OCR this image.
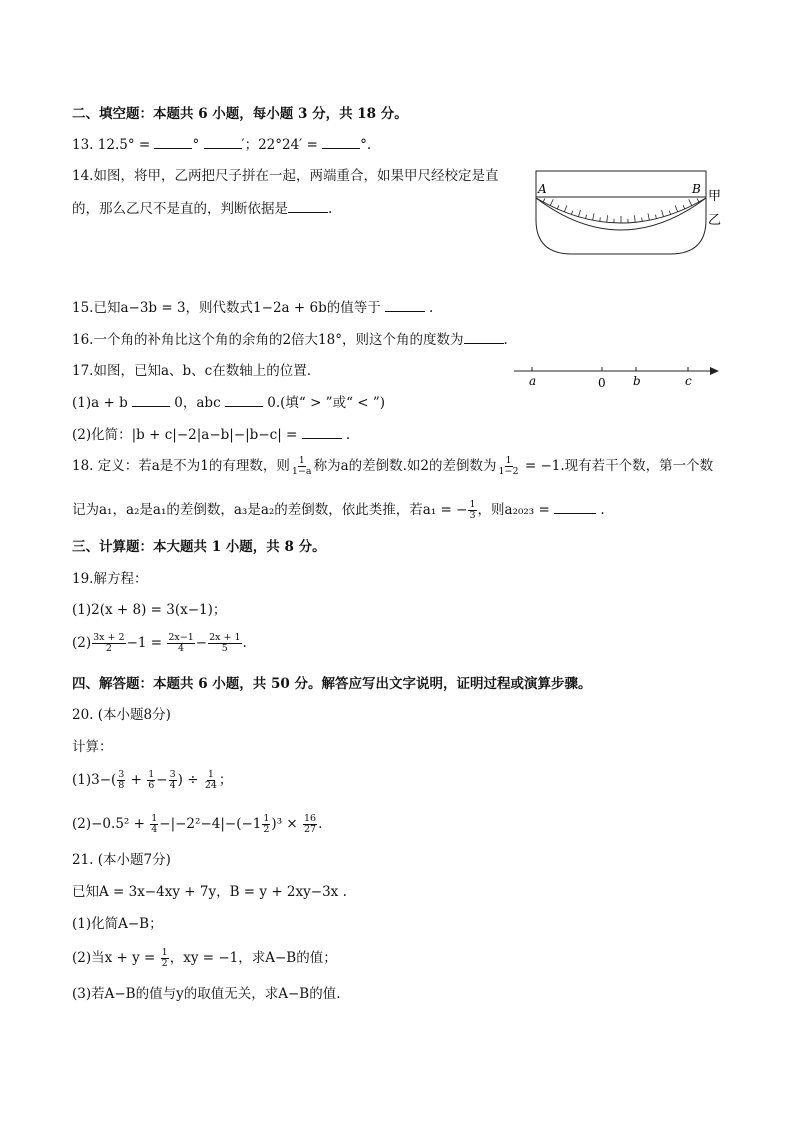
二、填空题：本题共 6 小题，每小题 3 分，共 18 分。
13. 12.5° =	°	′；22°24′ =	°.
14.如图，将甲，乙两把尺子拼在一起，两端重合，如果甲尺经校定是直
的，那么乙尺不是直的，判断依据是	.
A	B 甲
乙
15.已知a−3b = 3，则代数式1−2a + 6b的值等于	.
16.一个角的补角比这个角的余角的2倍大18°，则这个角的度数为	.
17.如图，已知a、b、c在数轴上的位置.
a	0 b	c
(1)a + b	0，abc	0.(填“ > ”或“ < ”)
(2)化简：|b + c|−2|a−b|−|b−c| =	.
18. 定义：若a是不为1的有理数，则 $\frac{1}{1-a}$ 称为a的差倒数.如2的差倒数为 $\frac{1}{1-2} = -1$.现有若干个数，第一个数
记为a₁，a₂是a₁的差倒数，a₃是a₂的差倒数，依此类推，若a₁ = − $\frac{1}{3}$ ，则a₂₀₂₃ =	.
三、计算题：本大题共 1 小题，共 8 分。
19.解方程：
(1)2(x + 8) = 3(x−1)；
$(2) \frac{3x + 2}{2} -1 = \frac{2x-1}{4} - \frac{2x + 1}{5}$ .
四、解答题：本题共 6 小题，共 50 分。解答应写出文字说明，证明过程或演算步骤。
20. (本小题8分)
计算：
$(1)3-( \frac{3}{8} + \frac{1}{6} - \frac{3}{4}$ ) ÷ $\frac{1}{24}$ ；
$(2)-0.5^2 + \frac{1}{4} -|-2^2-4|-(-1 \frac{1}{2} )^3 \times \frac{16}{27}$ .
21. (本小题7分)
已知A = 3x−4xy + 7y，B = y + 2xy−3x .
(1)化简A−B；
(2)当$x + y = \frac{1}{2}$ ，xy = −1，求A−B的值；
(3)若A−B的值与y的取值无关，求A−B的值.
